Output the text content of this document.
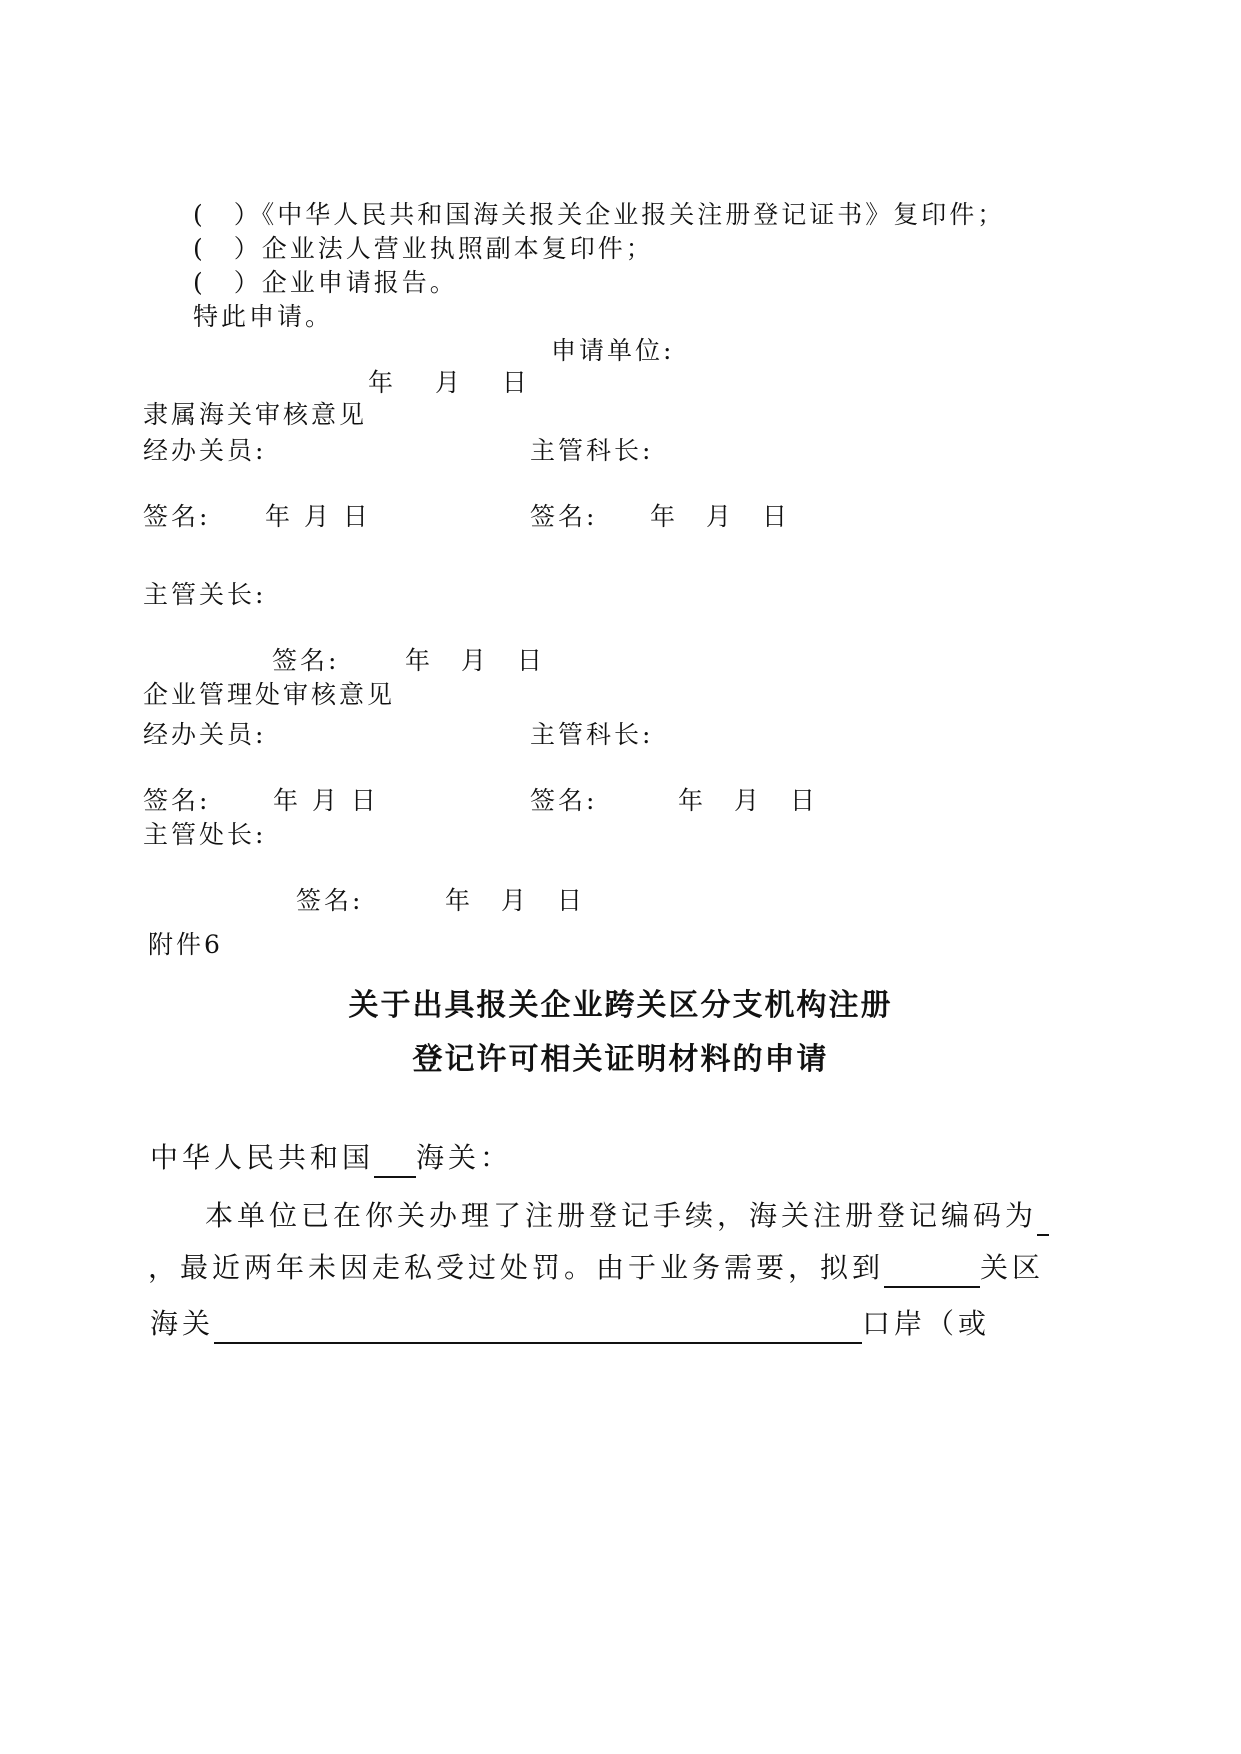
(　）《中华人民共和国海关报关企业报关注册登记证书》复印件；
(　）企业法人营业执照副本复印件；
(　）企业申请报告。
特此申请。
申请单位:
年　 月　 日
隶属海关审核意见
经办关员:	主管科长:
签名: 年 月 日	签名: 年　月　日
主管关长:
签名:	年　月　日
企业管理处审核意见
经办关员:	主管科长:
签名:	年 月 日	签名:	年　月　日
主管处长:
签名:	年　月　日
附件6
关于出具报关企业跨关区分支机构注册
登记许可相关证明材料的申请
中华人民共和国 海关：
本单位已在你关办理了注册登记手续，海关注册登记编码为
，最近两年未因走私受过处罚。由于业务需要，拟到	关区
海关	口岸（或
